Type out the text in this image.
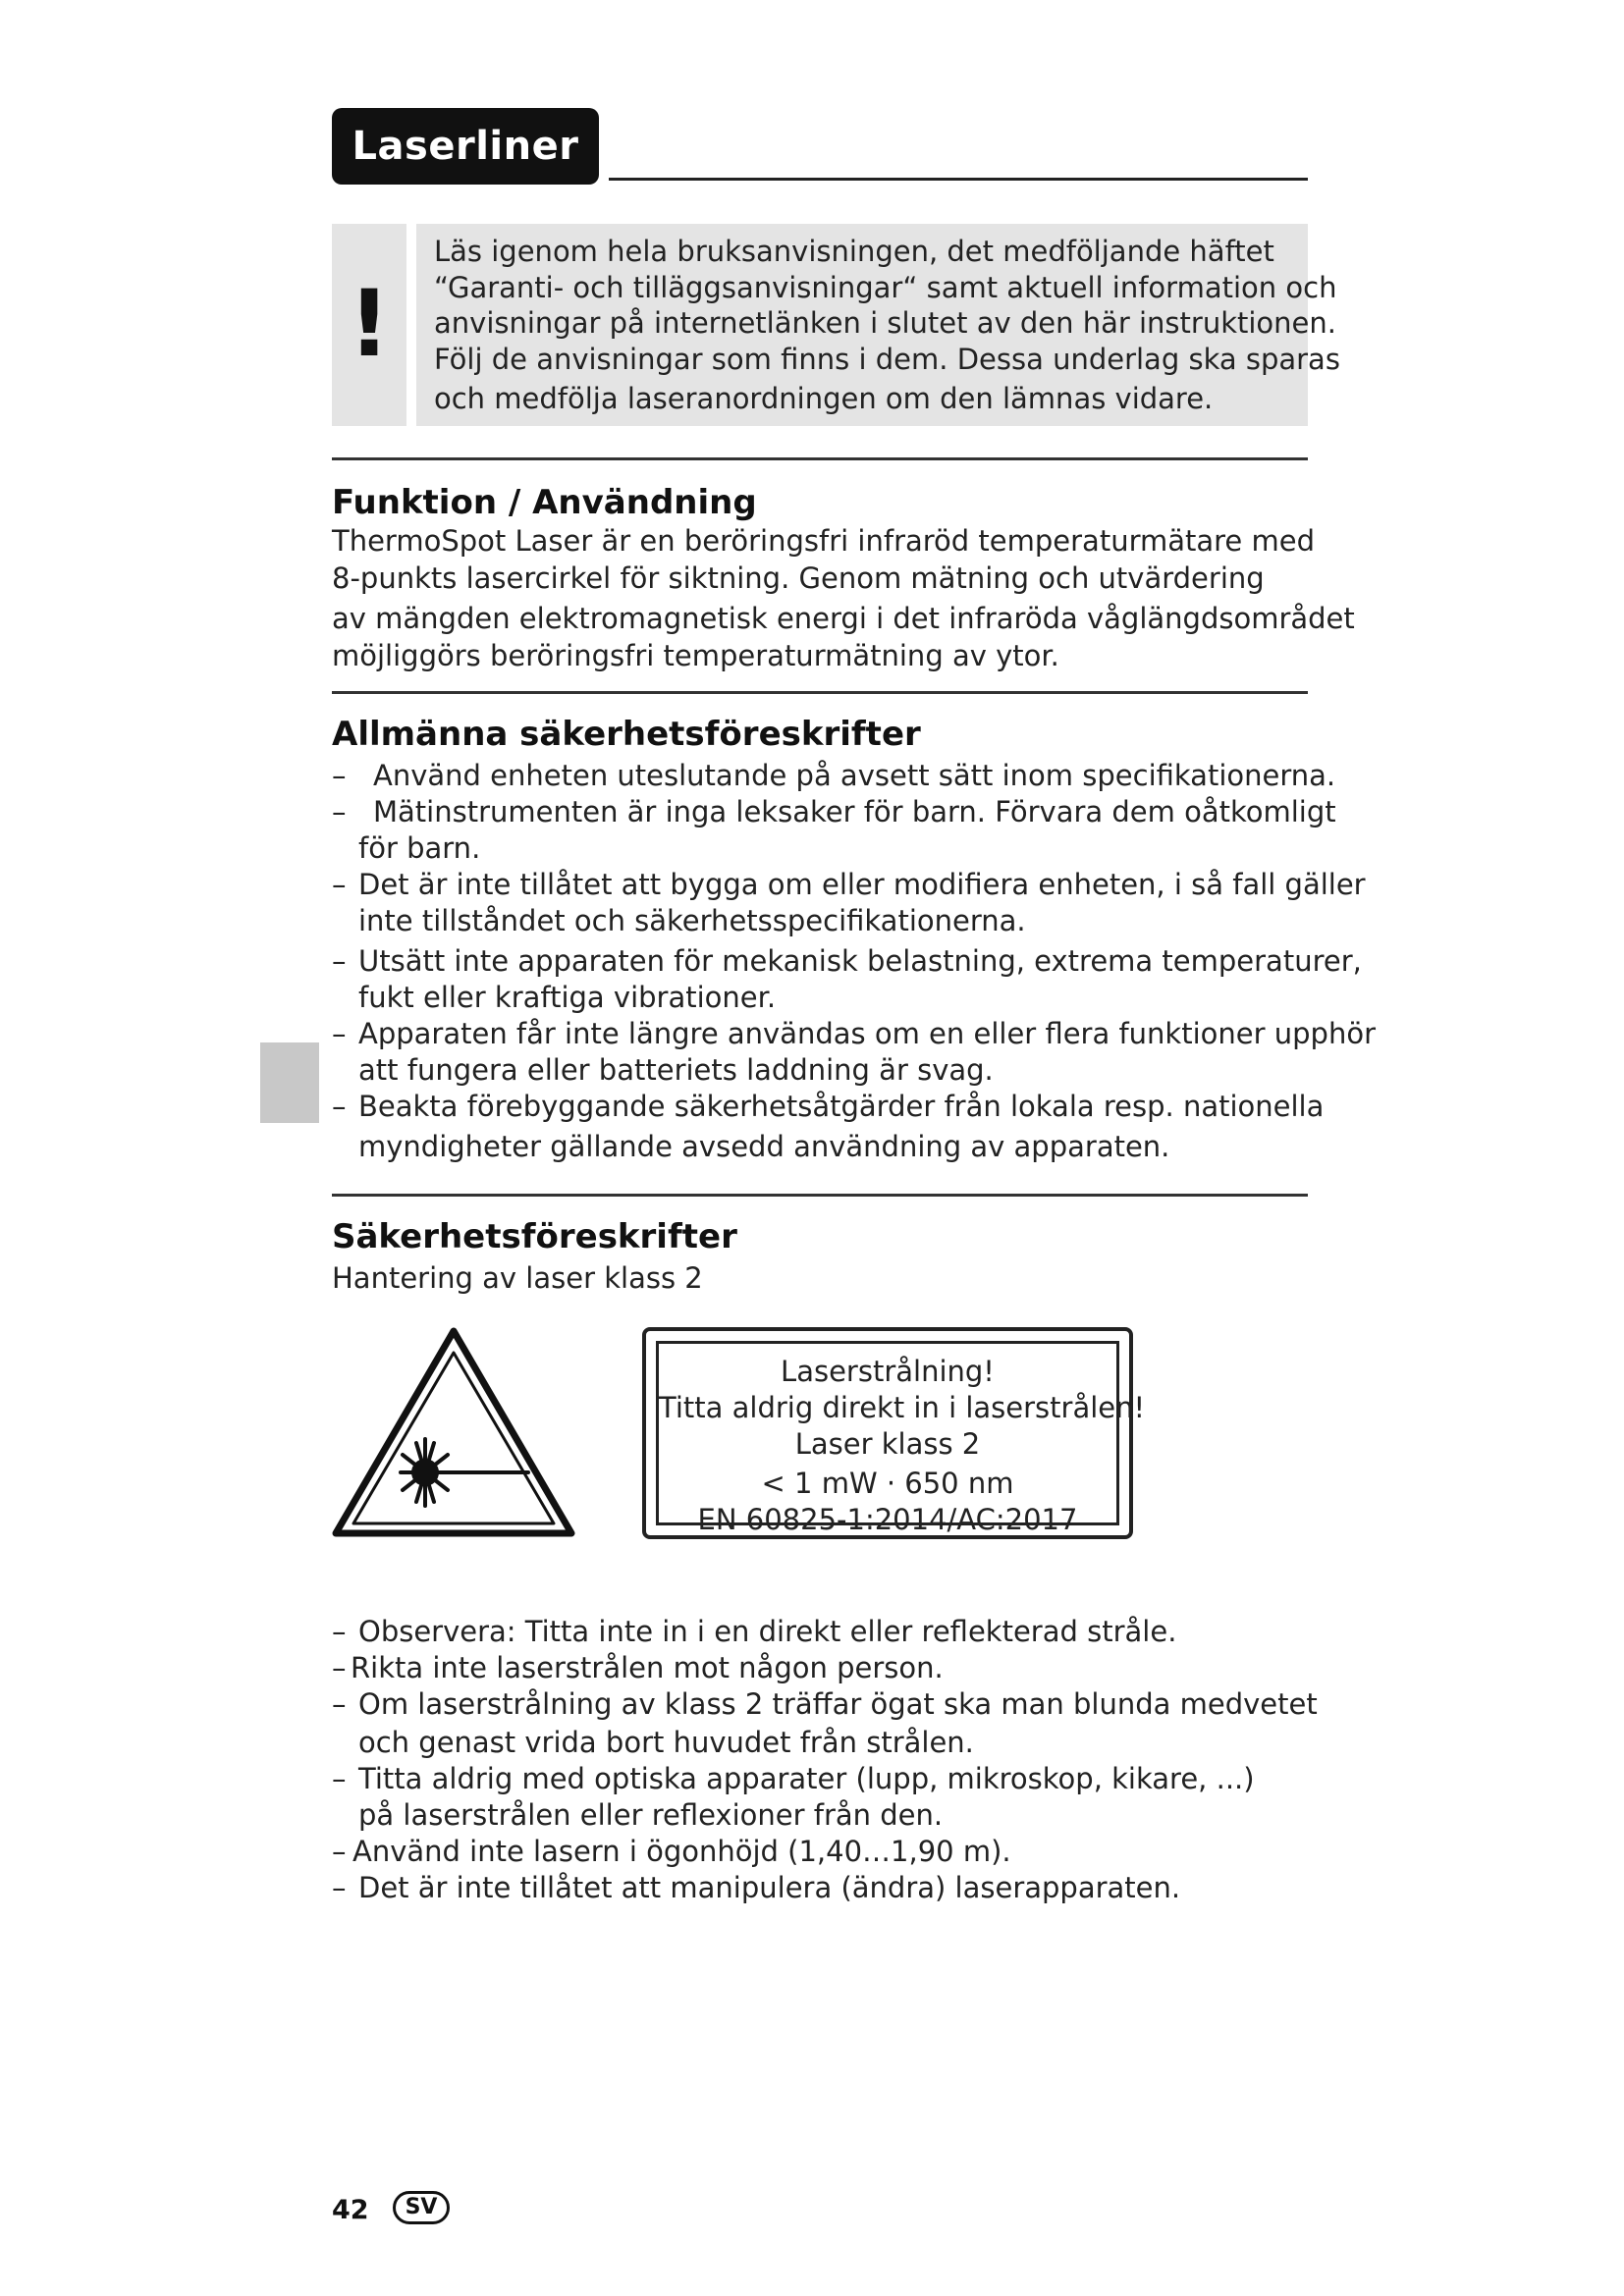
Laserliner
!

Läs igenom hela bruksanvisningen, det medföljande häftet

“Garanti- och tilläggsanvisningar“ samt aktuell information och

anvisningar på internetlänken i slutet av den här instruktionen.

Följ de anvisningar som finns i dem. Dessa underlag ska sparas

och medfölja laseranordningen om den lämnas vidare.

Funktion / Användning
ThermoSpot Laser är en beröringsfri infraröd temperaturmätare med
8-punkts lasercirkel för siktning. Genom mätning och utvärdering
av mängden elektromagnetisk energi i det infraröda våglängdsområdet
möjliggörs beröringsfri temperaturmätning av ytor.
Allmänna säkerhetsföreskrifter
– Använd enheten uteslutande på avsett sätt inom specifikationerna.
– Mätinstrumenten är inga leksaker för barn. Förvara dem oåtkomligt
för barn.
– Det är inte tillåtet att bygga om eller modifiera enheten, i så fall gäller
inte tillståndet och säkerhetsspecifikationerna.
– Utsätt inte apparaten för mekanisk belastning, extrema temperaturer,
fukt eller kraftiga vibrationer.
– Apparaten får inte längre användas om en eller flera funktioner upphör
att fungera eller batteriets laddning är svag.
– Beakta förebyggande säkerhetsåtgärder från lokala resp. nationella
myndigheter gällande avsedd användning av apparaten.
Säkerhetsföreskrifter
Hantering av laser klass 2
Laserstrålning!
Titta aldrig direkt in i laserstrålen!
Laser klass 2
< 1 mW · 650 nm
EN 60825-1:2014/AC:2017
– Observera: Titta inte in i en direkt eller reflekterad stråle.
– Rikta inte laserstrålen mot någon person.
– Om laserstrålning av klass 2 träffar ögat ska man blunda medvetet
och genast vrida bort huvudet från strålen.
– Titta aldrig med optiska apparater (lupp, mikroskop, kikare, ...)
på laserstrålen eller reflexioner från den.
– Använd inte lasern i ögonhöjd (1,40…1,90 m).
– Det är inte tillåtet att manipulera (ändra) laserapparaten.
42	SV
